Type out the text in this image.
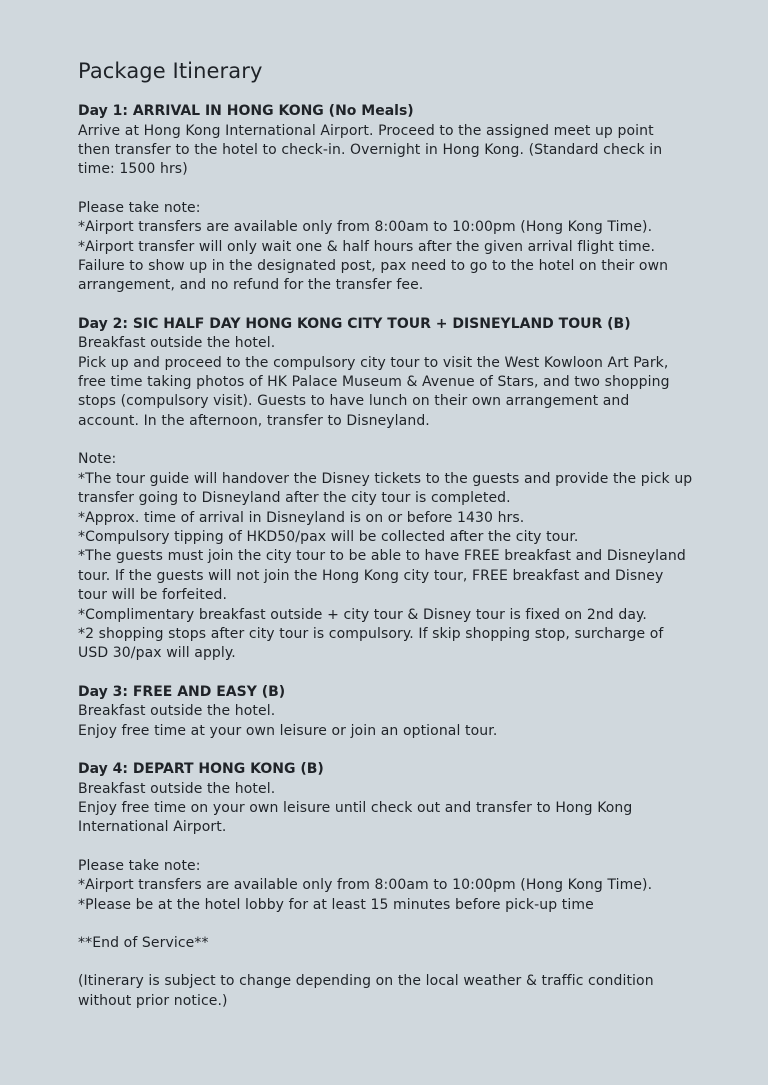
Package Itinerary

Day 1: ARRIVAL IN HONG KONG (No Meals)

Arrive at Hong Kong International Airport. Proceed to the assigned meet up point

then transfer to the hotel to check-in. Overnight in Hong Kong. (Standard check in

time: 1500 hrs)

Please take note:

*Airport transfers are available only from 8:00am to 10:00pm (Hong Kong Time).

*Airport transfer will only wait one & half hours after the given arrival flight time.

Failure to show up in the designated post, pax need to go to the hotel on their own

arrangement, and no refund for the transfer fee.

Day 2: SIC HALF DAY HONG KONG CITY TOUR + DISNEYLAND TOUR (B)

Breakfast outside the hotel.

Pick up and proceed to the compulsory city tour to visit the West Kowloon Art Park,

free time taking photos of HK Palace Museum & Avenue of Stars, and two shopping

stops (compulsory visit). Guests to have lunch on their own arrangement and

account. In the afternoon, transfer to Disneyland.

Note:

*The tour guide will handover the Disney tickets to the guests and provide the pick up

transfer going to Disneyland after the city tour is completed.

*Approx. time of arrival in Disneyland is on or before 1430 hrs.

*Compulsory tipping of HKD50/pax will be collected after the city tour.

*The guests must join the city tour to be able to have FREE breakfast and Disneyland

tour. If the guests will not join the Hong Kong city tour, FREE breakfast and Disney

tour will be forfeited.

*Complimentary breakfast outside + city tour & Disney tour is fixed on 2nd day.

*2 shopping stops after city tour is compulsory. If skip shopping stop, surcharge of

USD 30/pax will apply.

Day 3: FREE AND EASY (B)

Breakfast outside the hotel.

Enjoy free time at your own leisure or join an optional tour.

Day 4: DEPART HONG KONG (B)

Breakfast outside the hotel.

Enjoy free time on your own leisure until check out and transfer to Hong Kong

International Airport.

Please take note:

*Airport transfers are available only from 8:00am to 10:00pm (Hong Kong Time).

*Please be at the hotel lobby for at least 15 minutes before pick-up time

**End of Service**

(Itinerary is subject to change depending on the local weather & traffic condition

without prior notice.)
